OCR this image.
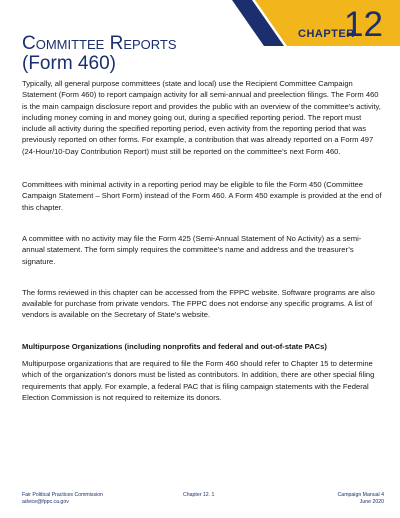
CHAPTER
12
Committee Reports
(Form 460)

Typically, all general purpose committees (state and local) use the Recipient Committee Campaign Statement (Form 460) to report campaign activity for all semi-annual and preelection filings. The Form 460 is the main campaign disclosure report and provides the public with an overview of the committee’s activity, including money coming in and money going out, during a specified reporting period. The report must include all activity during the specified reporting period, even activity from the reporting period that was previously reported on other forms. For example, a contribution that was already reported on a Form 497 (24-Hour/10-Day Contribution Report) must still be reported on the committee’s next Form 460.

Committees with minimal activity in a reporting period may be eligible to file the Form 450 (Committee Campaign Statement – Short Form) instead of the Form 460. A Form 450 example is provided at the end of this chapter.

A committee with no activity may file the Form 425 (Semi-Annual Statement of No Activity) as a semi-annual statement. The form simply requires the committee’s name and address and the treasurer’s signature.

The forms reviewed in this chapter can be accessed from the FPPC website. Software programs are also available for purchase from private vendors. The FPPC does not endorse any specific programs. A list of vendors is available on the Secretary of State’s website.

Multipurpose Organizations (including nonprofits and federal and out-of-state PACs)

Multipurpose organizations that are required to file the Form 460 should refer to Chapter 15 to determine which of the organization’s donors must be listed as contributors. In addition, there are other special filing requirements that apply. For example, a federal PAC that is filing campaign statements with the Federal Election Commission is not required to reitemize its donors.

Fair Political Practices Commission
advice@fppc.ca.gov
Chapter 12. 1	Campaign Manual 4
June 2020
